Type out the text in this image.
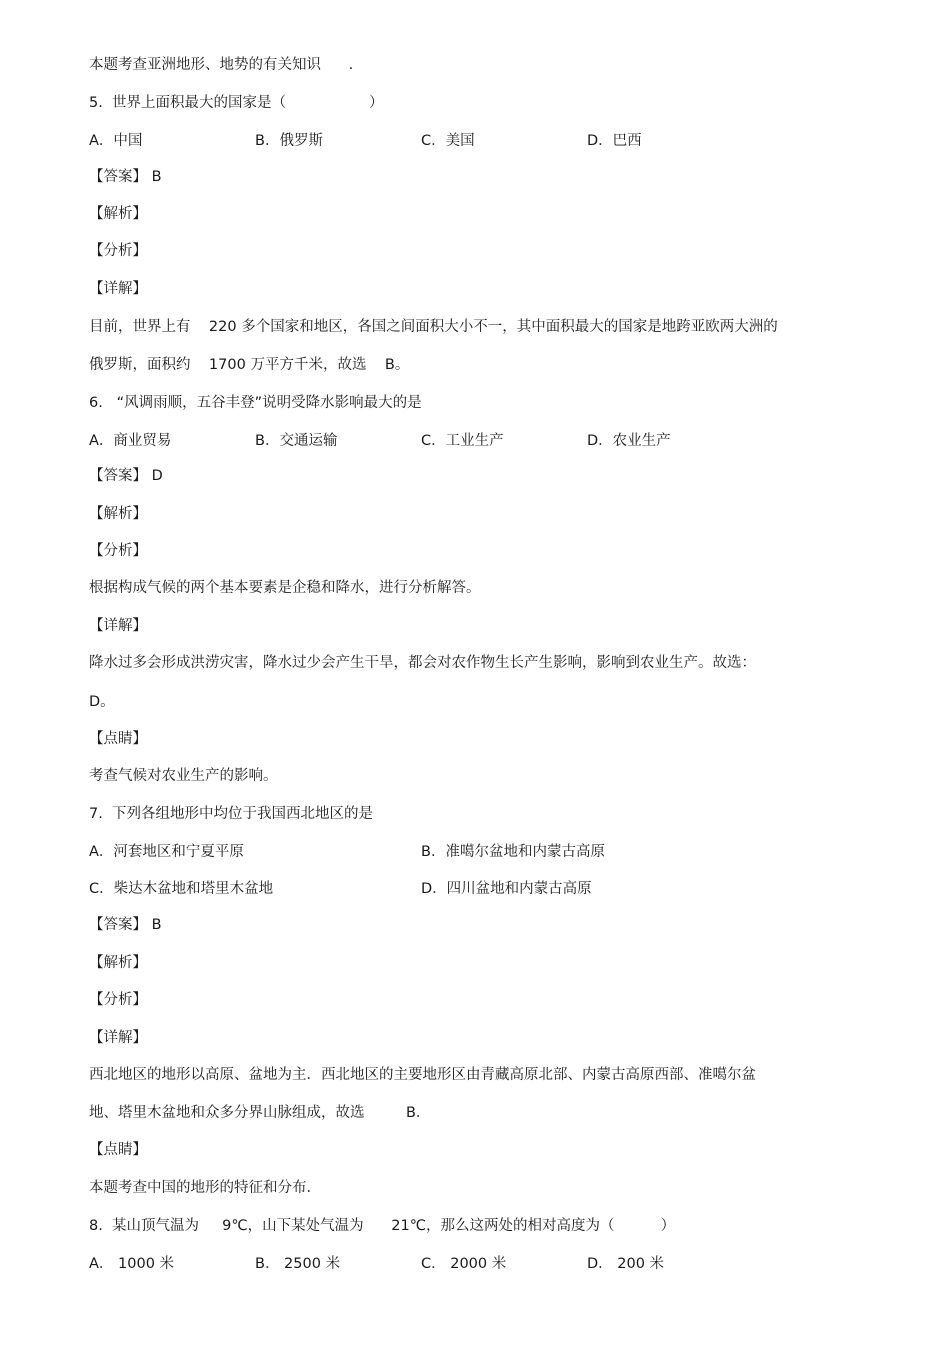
本题考查亚洲地形、地势的有关知识      .
5.  世界上面积最大的国家是（                  ）
A．中国	B．俄罗斯	C．美国	D．巴西
【答案】 B
【解析】
【分析】
【详解】
目前，世界上有    220 多个国家和地区，各国之间面积大小不一，其中面积最大的国家是地跨亚欧两大洲的
俄罗斯，面积约    1700 万平方千米，故选    B。
6.   “风调雨顺，五谷丰登”说明受降水影响最大的是
A．商业贸易	B．交通运输	C．工业生产	D．农业生产
【答案】 D
【解析】
【分析】
根据构成气候的两个基本要素是企稳和降水，进行分析解答。
【详解】
降水过多会形成洪涝灾害，降水过少会产生干旱，都会对农作物生长产生影响，影响到农业生产。故选：
D。
【点睛】
考查气候对农业生产的影响。
7.  下列各组地形中均位于我国西北地区的是
A．河套地区和宁夏平原	B．准噶尔盆地和内蒙古高原
C．柴达木盆地和塔里木盆地	D．四川盆地和内蒙古高原
【答案】 B
【解析】
【分析】
【详解】
西北地区的地形以高原、盆地为主．西北地区的主要地形区由青藏高原北部、内蒙古高原西部、准噶尔盆
地、塔里木盆地和众多分界山脉组成，故选         B．
【点睛】
本题考查中国的地形的特征和分布．
8.  某山顶气温为     9℃，山下某处气温为      21℃，那么这两处的相对高度为（          ）
A． 1000 米	B． 2500 米	C． 2000 米	D． 200 米
